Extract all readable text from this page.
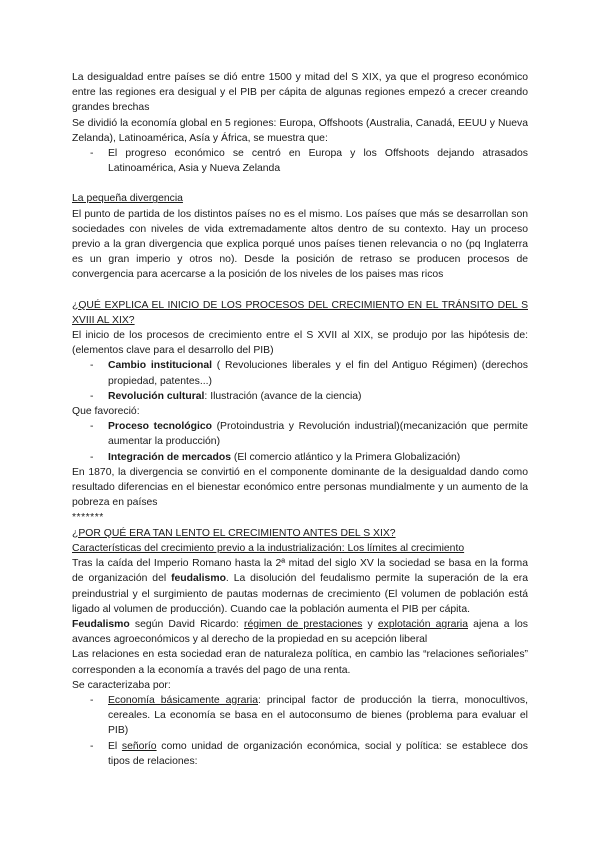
La desigualdad entre países se dió entre 1500 y mitad del S XIX, ya que el progreso económico entre las regiones era desigual y el PIB per cápita de algunas regiones empezó a crecer creando grandes brechas

Se dividió la economía global en 5 regiones: Europa, Offshoots (Australia, Canadá, EEUU y Nueva Zelanda), Latinoamérica, Asía y África, se muestra que:

- El progreso económico se centró en Europa y los Offshoots dejando atrasados Latinoamérica, Asia y Nueva Zelanda

La pequeña divergencia

El punto de partida de los distintos países no es el mismo. Los países que más se desarrollan son sociedades con niveles de vida extremadamente altos dentro de su contexto. Hay un proceso previo a la gran divergencia que explica porqué unos países tienen relevancia o no (pq Inglaterra es un gran imperio y otros no). Desde la posición de retraso se producen procesos de convergencia para acercarse a la posición de los niveles de los paises mas ricos

¿QUÉ EXPLICA EL INICIO DE LOS PROCESOS DEL CRECIMIENTO EN EL TRÁNSITO DEL S XVIII AL XIX?

El inicio de los procesos de crecimiento entre el S XVII al XIX, se produjo por las hipótesis de: (elementos clave para el desarrollo del PIB)

- Cambio institucional ( Revoluciones liberales y el fin del Antiguo Régimen) (derechos propiedad, patentes...)
- Revolución cultural: Ilustración (avance de la ciencia)

Que favoreció:

- Proceso tecnológico (Protoindustria y Revolución industrial)(mecanización que permite aumentar la producción)
- Integración de mercados (El comercio atlántico y la Primera Globalización)

En 1870, la divergencia se convirtió en el componente dominante de la desigualdad dando como resultado diferencias en el bienestar económico entre personas mundialmente y un aumento de la pobreza en países

*******

¿POR QUÉ ERA TAN LENTO EL CRECIMIENTO ANTES DEL S XIX?

Características del crecimiento previo a la industrialización: Los límites al crecimiento

Tras la caída del Imperio Romano hasta la 2ª mitad del siglo XV la sociedad se basa en la forma de organización del feudalismo. La disolución del feudalismo permite la superación de la era preindustrial y el surgimiento de pautas modernas de crecimiento (El volumen de población está ligado al volumen de producción). Cuando cae la población aumenta el PIB per cápita.

Feudalismo según David Ricardo: régimen de prestaciones y explotación agraria ajena a los avances agroeconómicos y al derecho de la propiedad en su acepción liberal

Las relaciones en esta sociedad eran de naturaleza política, en cambio las “relaciones señoriales” corresponden a la economía a través del pago de una renta.

Se caracterizaba por:

- Economía básicamente agraria: principal factor de producción la tierra, monocultivos, cereales. La economía se basa en el autoconsumo de bienes (problema para evaluar el PIB)
- El señorío como unidad de organización económica, social y política: se establece dos tipos de relaciones:
